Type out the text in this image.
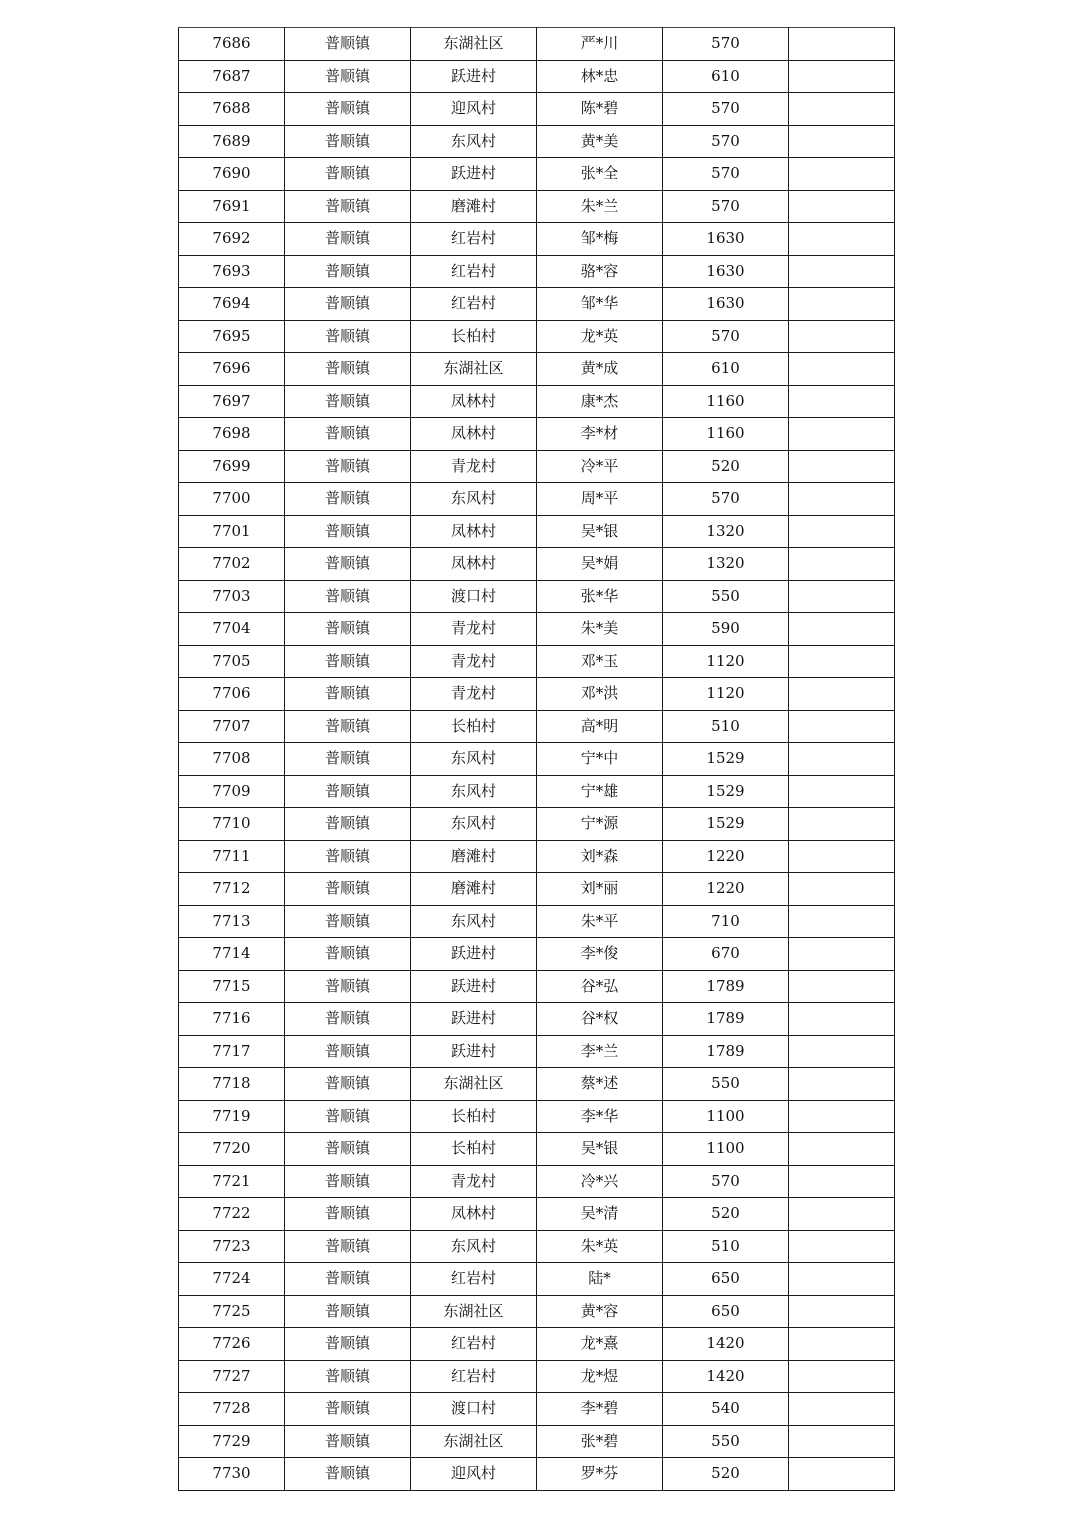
7686	普顺镇	东湖社区	严*川	570	
7687	普顺镇	跃进村	林*忠	610	
7688	普顺镇	迎风村	陈*碧	570	
7689	普顺镇	东风村	黄*美	570	
7690	普顺镇	跃进村	张*全	570	
7691	普顺镇	磨滩村	朱*兰	570	
7692	普顺镇	红岩村	邹*梅	1630	
7693	普顺镇	红岩村	骆*容	1630	
7694	普顺镇	红岩村	邹*华	1630	
7695	普顺镇	长柏村	龙*英	570	
7696	普顺镇	东湖社区	黄*成	610	
7697	普顺镇	凤林村	康*杰	1160	
7698	普顺镇	凤林村	李*材	1160	
7699	普顺镇	青龙村	冷*平	520	
7700	普顺镇	东风村	周*平	570	
7701	普顺镇	凤林村	吴*银	1320	
7702	普顺镇	凤林村	吴*娟	1320	
7703	普顺镇	渡口村	张*华	550	
7704	普顺镇	青龙村	朱*美	590	
7705	普顺镇	青龙村	邓*玉	1120	
7706	普顺镇	青龙村	邓*洪	1120	
7707	普顺镇	长柏村	高*明	510	
7708	普顺镇	东风村	宁*中	1529	
7709	普顺镇	东风村	宁*雄	1529	
7710	普顺镇	东风村	宁*源	1529	
7711	普顺镇	磨滩村	刘*森	1220	
7712	普顺镇	磨滩村	刘*丽	1220	
7713	普顺镇	东风村	朱*平	710	
7714	普顺镇	跃进村	李*俊	670	
7715	普顺镇	跃进村	谷*弘	1789	
7716	普顺镇	跃进村	谷*权	1789	
7717	普顺镇	跃进村	李*兰	1789	
7718	普顺镇	东湖社区	蔡*述	550	
7719	普顺镇	长柏村	李*华	1100	
7720	普顺镇	长柏村	吴*银	1100	
7721	普顺镇	青龙村	冷*兴	570	
7722	普顺镇	凤林村	吴*清	520	
7723	普顺镇	东风村	朱*英	510	
7724	普顺镇	红岩村	陆*	650	
7725	普顺镇	东湖社区	黄*容	650	
7726	普顺镇	红岩村	龙*熹	1420	
7727	普顺镇	红岩村	龙*煜	1420	
7728	普顺镇	渡口村	李*碧	540	
7729	普顺镇	东湖社区	张*碧	550	
7730	普顺镇	迎风村	罗*芬	520	
